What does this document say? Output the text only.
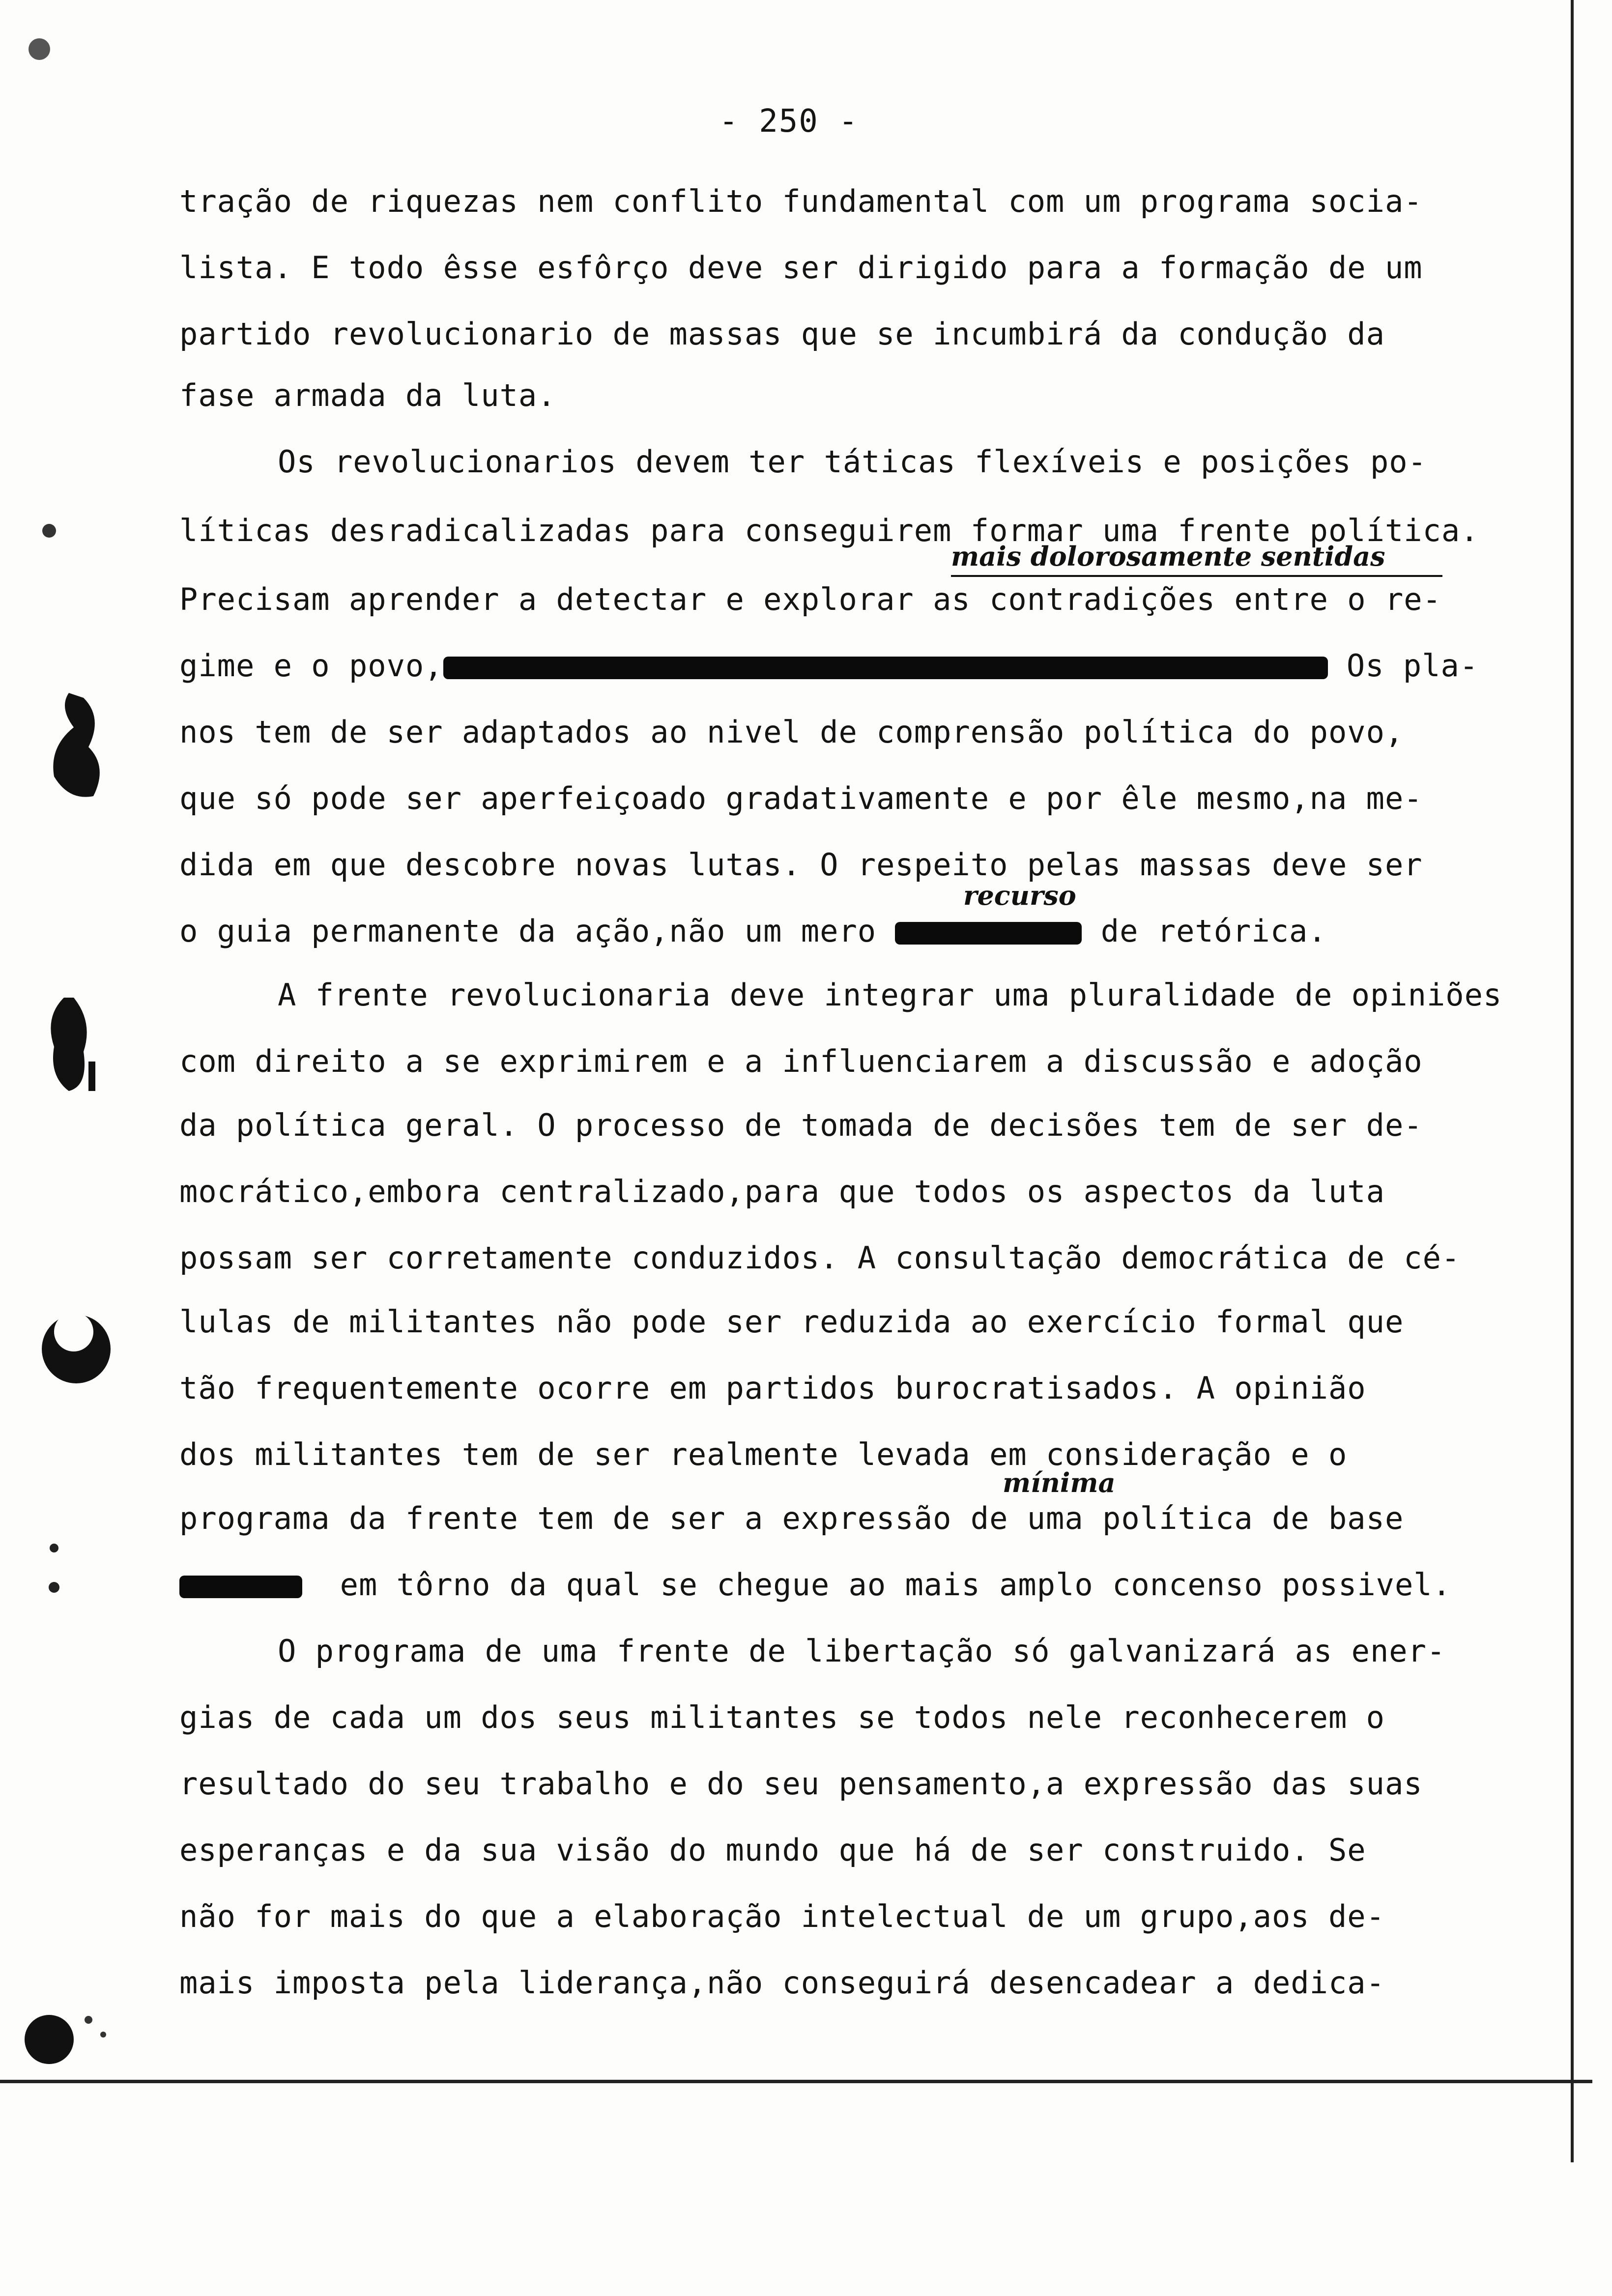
- 250 -
tração de riquezas nem conflito fundamental com um programa socia-
lista. E todo êsse esfôrço deve ser dirigido para a formação de um
partido revolucionario de massas que se incumbirá da condução da
fase armada da luta.
Os revolucionarios devem ter táticas flexíveis e posições po-
líticas desradicalizadas para conseguirem formar uma frente política.
mais dolorosamente sentidas
Precisam aprender a detectar e explorar as contradições entre o re-
gime e o povo,	Os pla-
nos tem de ser adaptados ao nivel de comprensão política do povo,
que só pode ser aperfeiçoado gradativamente e por êle mesmo,na me-
dida em que descobre novas lutas. O respeito pelas massas deve ser
recurso
o guia permanente da ação,não um mero	de retórica.
A frente revolucionaria deve integrar uma pluralidade de opiniões
com direito a se exprimirem e a influenciarem a discussão e adoção
da política geral. O processo de tomada de decisões tem de ser de-
mocrático,embora centralizado,para que todos os aspectos da luta
possam ser corretamente conduzidos. A consultação democrática de cé-
lulas de militantes não pode ser reduzida ao exercício formal que
tão frequentemente ocorre em partidos burocratisados. A opinião
dos militantes tem de ser realmente levada em consideração e o
mínima
programa da frente tem de ser a expressão de uma política de base
em tôrno da qual se chegue ao mais amplo concenso possivel.
O programa de uma frente de libertação só galvanizará as ener-
gias de cada um dos seus militantes se todos nele reconhecerem o
resultado do seu trabalho e do seu pensamento,a expressão das suas
esperanças e da sua visão do mundo que há de ser construido. Se
não for mais do que a elaboração intelectual de um grupo,aos de-
mais imposta pela liderança,não conseguirá desencadear a dedica-
